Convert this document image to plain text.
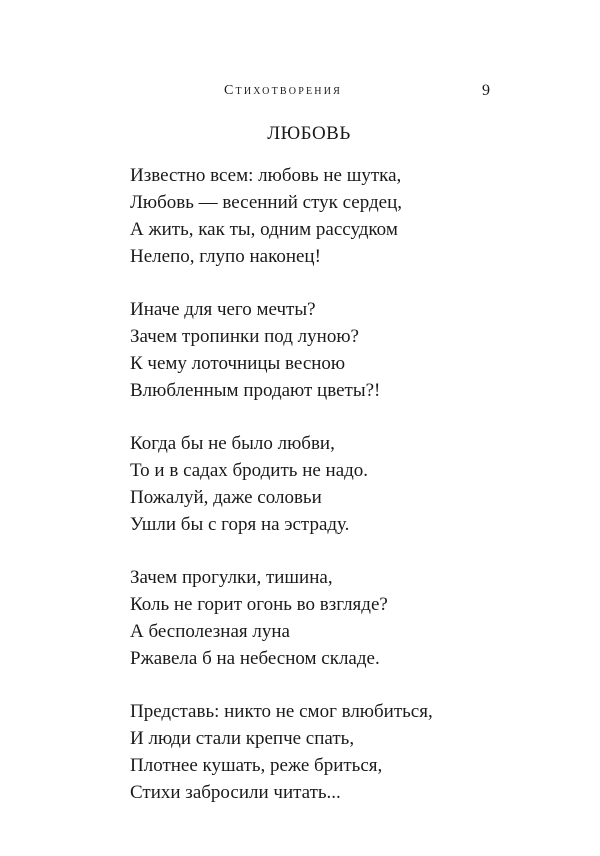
Стихотворения	9
ЛЮБОВЬ
Известно всем: любовь не шутка,
Любовь — весенний стук сердец,
А жить, как ты, одним рассудком
Нелепо, глупо наконец!
Иначе для чего мечты?
Зачем тропинки под луною?
К чему лоточницы весною
Влюбленным продают цветы?!
Когда бы не было любви,
То и в садах бродить не надо.
Пожалуй, даже соловьи
Ушли бы с горя на эстраду.
Зачем прогулки, тишина,
Коль не горит огонь во взгляде?
А бесполезная луна
Ржавела б на небесном складе.
Представь: никто не смог влюбиться,
И люди стали крепче спать,
Плотнее кушать, реже бриться,
Стихи забросили читать...
